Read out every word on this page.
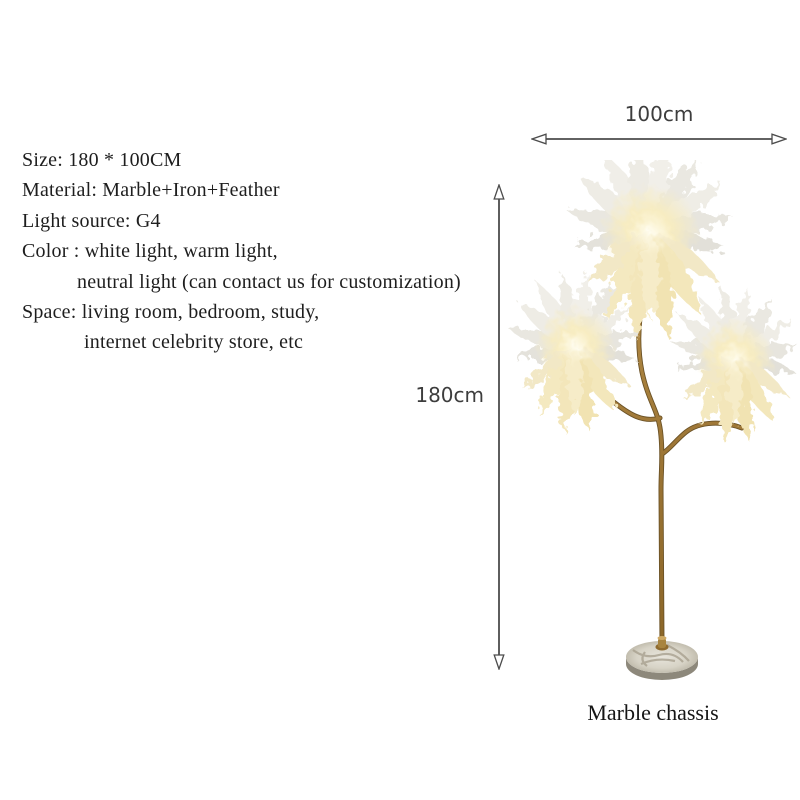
Size: 180 * 100CM
Material: Marble+Iron+Feather
Light source: G4
Color : white light, warm light,
neutral light (can contact us for customization)
Space: living room, bedroom, study,
internet celebrity store, etc
100cm
180cm
Marble chassis
